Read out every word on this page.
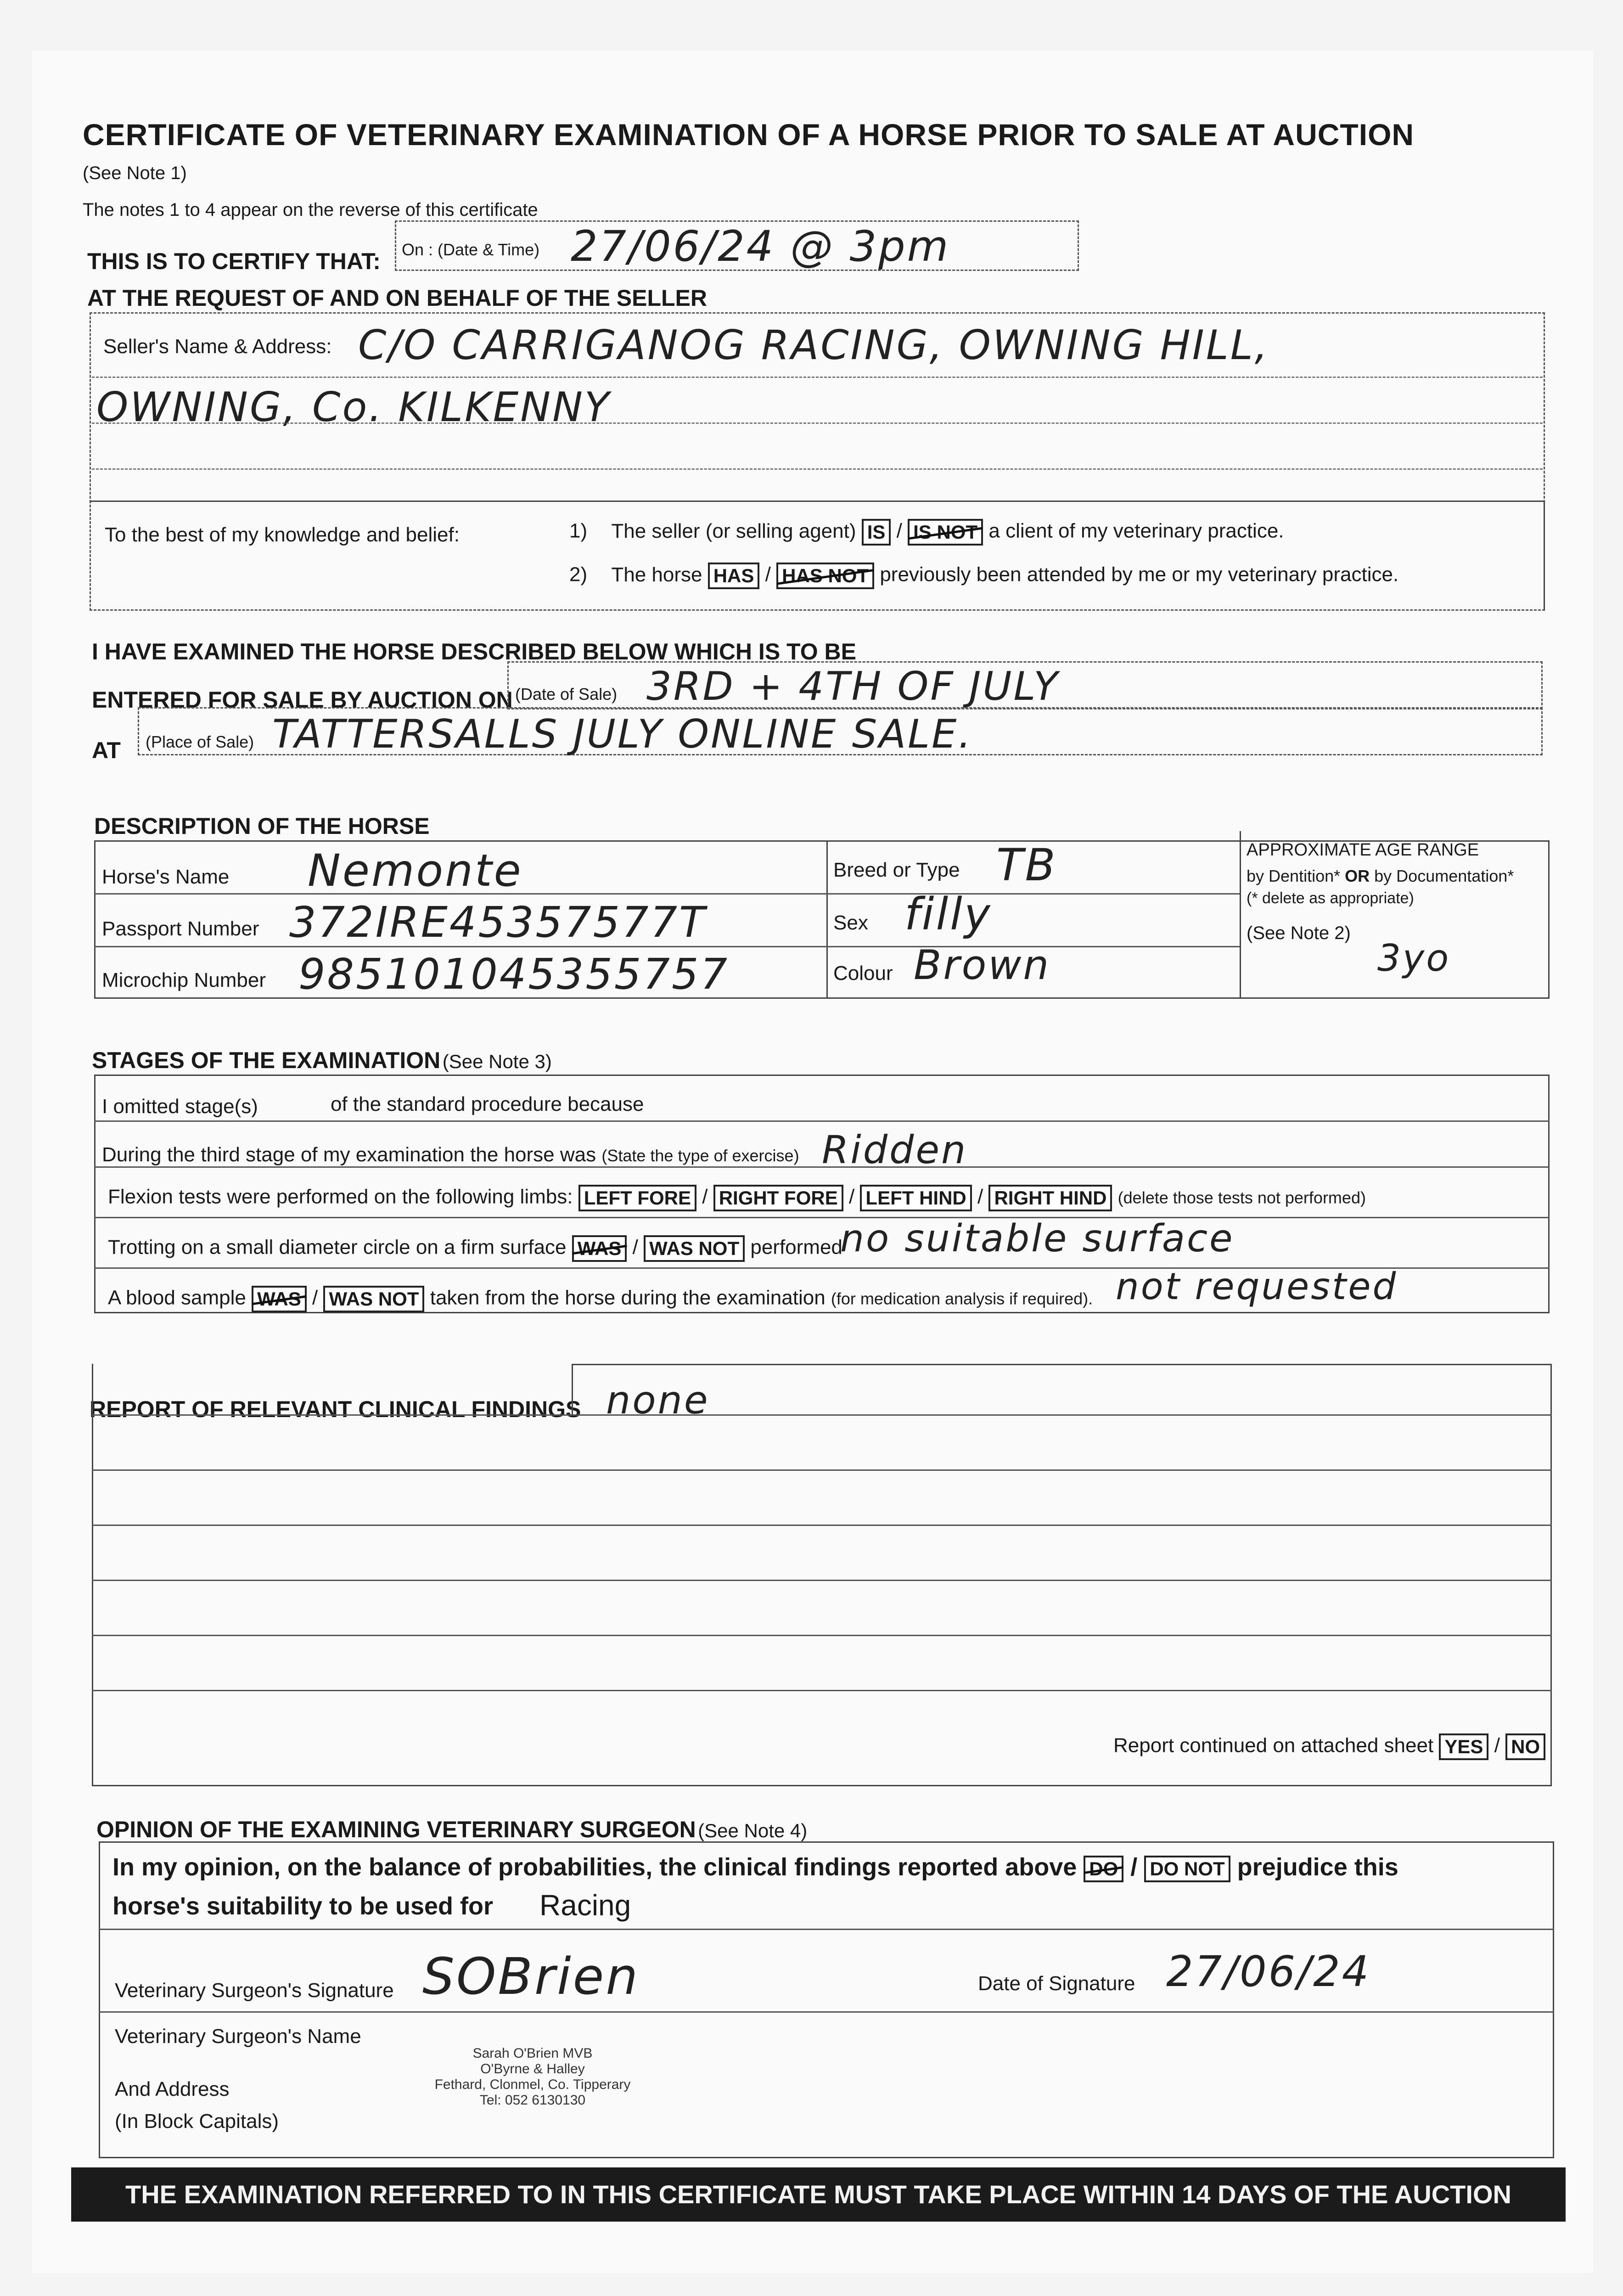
CERTIFICATE OF VETERINARY EXAMINATION OF A HORSE PRIOR TO SALE AT AUCTION
(See Note 1)
The notes 1 to 4 appear on the reverse of this certificate
THIS IS TO CERTIFY THAT: On : (Date & Time) 27/06/24 @ 3pm
AT THE REQUEST OF AND ON BEHALF OF THE SELLER
Seller's Name & Address: C/O CARRIGANOG RACING, OWNING HILL,
OWNING, Co. KILKENNY
To the best of my knowledge and belief:	1) The seller (or selling agent) IS / IS NOT a client of my veterinary practice.
2) The horse HAS / HAS NOT previously been attended by me or my veterinary practice.
I HAVE EXAMINED THE HORSE DESCRIBED BELOW WHICH IS TO BE
ENTERED FOR SALE BY AUCTION ON (Date of Sale) 3RD + 4TH OF JULY
AT (Place of Sale) TATTERSALLS JULY ONLINE SALE.
DESCRIPTION OF THE HORSE
Horse's Name Nemonte
Passport Number 372IRE45357577T
Microchip Number 985101045355757
Breed or Type TB
Sex filly
Colour Brown
APPROXIMATE AGE RANGE
by Dentition* OR by Documentation*
(* delete as appropriate)
(See Note 2)
3yo
STAGES OF THE EXAMINATION (See Note 3)
I omitted stage(s)	of the standard procedure because
During the third stage of my examination the horse was (State the type of exercise) Ridden
Flexion tests were performed on the following limbs: LEFT FORE / RIGHT FORE / LEFT HIND / RIGHT HIND (delete those tests not performed)
Trotting on a small diameter circle on a firm surface WAS / WAS NOT performed
no suitable surface
A blood sample WAS / WAS NOT taken from the horse during the examination (for medication analysis if required). not requested
REPORT OF RELEVANT CLINICAL FINDINGS none
Report continued on attached sheet YES / NO
OPINION OF THE EXAMINING VETERINARY SURGEON (See Note 4)
In my opinion, on the balance of probabilities, the clinical findings reported above DO / DO NOT prejudice this
horse's suitability to be used for Racing
Veterinary Surgeon's Signature SOBrien	Date of Signature 27/06/24
Veterinary Surgeon's Name
And Address
(In Block Capitals)
Sarah O'Brien MVB
O'Byrne & Halley
Fethard, Clonmel, Co. Tipperary
Tel: 052 6130130
THE EXAMINATION REFERRED TO IN THIS CERTIFICATE MUST TAKE PLACE WITHIN 14 DAYS OF THE AUCTION
